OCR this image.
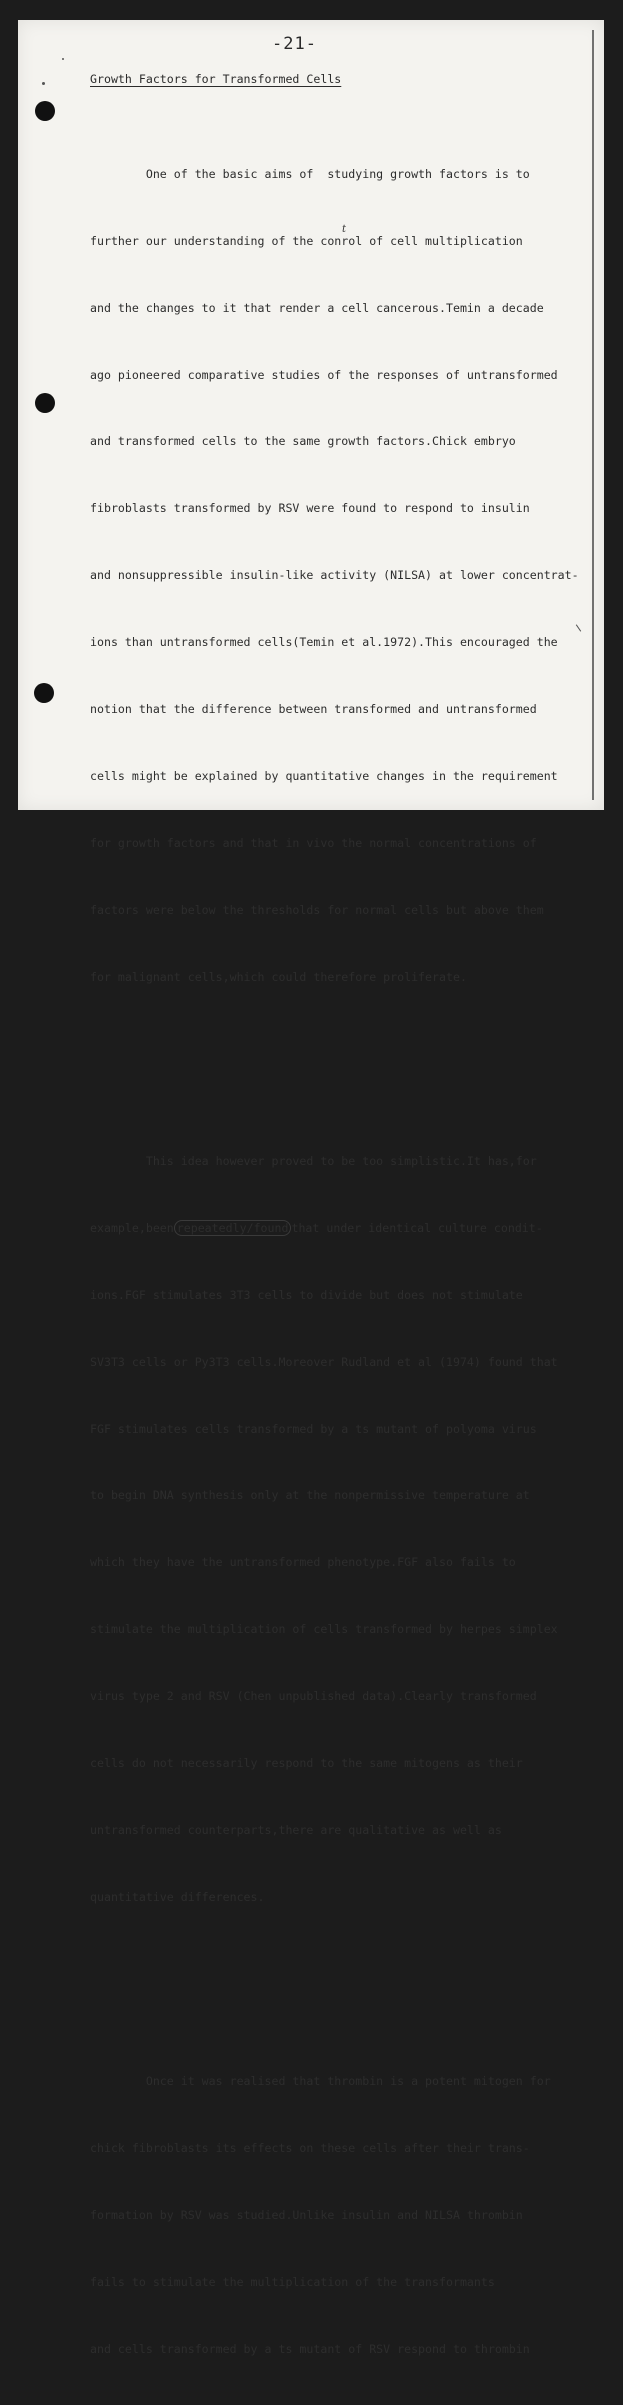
-21-
Growth Factors for Transformed Cells

One of the basic aims of  studying growth factors is to

further our understanding of the conrol of cell multiplication
t

and the changes to it that render a cell cancerous.Temin a decade

ago pioneered comparative studies of the responses of untransformed

and transformed cells to the same growth factors.Chick embryo

fibroblasts transformed by RSV were found to respond to insulin

and nonsuppressible insulin-like activity (NILSA) at lower concentrat-

ions than untransformed cells(Temin et al.1972).This encouraged the

notion that the difference between transformed and untransformed

cells might be explained by quantitative changes in the requirement

for growth factors and that in vivo the normal concentrations of

factors were below the thresholds for normal cells but above them

for malignant cells,which could therefore proliferate.

This idea however proved to be too simplistic.It has,for

example,been repeatedly/found that under identical culture condit-

ions.FGF stimulates 3T3 cells to divide but does not stimulate

SV3T3 cells or Py3T3 cells.Moreover Rudland et al (1974) found that

FGF stimulates cells transformed by a ts mutant of polyoma virus

to begin DNA synthesis only at the nonpermissive temperature at

which they have the untransformed phenotype.FGF also fails to

stimulate the multiplication of cells transformed by herpes simplex

virus type 2 and RSV (Chen unpublished data).Clearly transformed

cells do not necessarily respond to the same mitogens as their

untransformed counterparts,there are qualitative as well as

quantitative differences.

Once it was realised that thrombin is a potent mitogen for

chick fibroblasts its effects on these cells after their trans-

formation by RSV was studied.Unlike insulin and NILSA thrombin

fails to stimulate the multiplication of the transformants

and cells transformed by a ts mutant of RSV respond to thrombin
